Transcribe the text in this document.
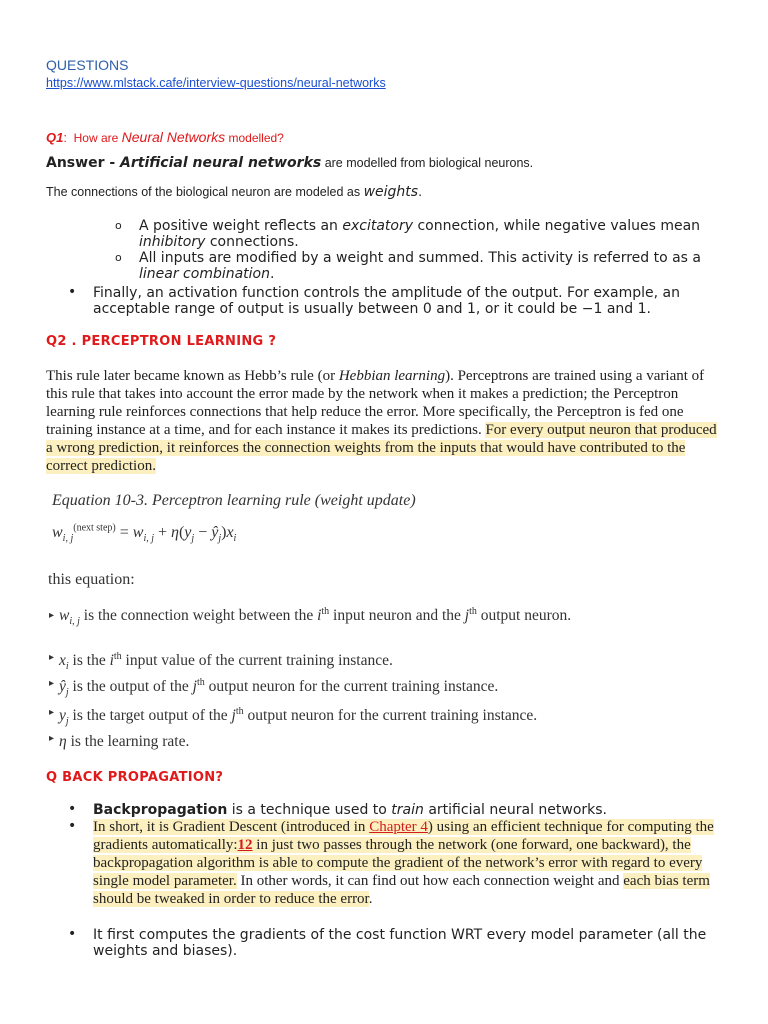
QUESTIONS
https://www.mlstack.cafe/interview-questions/neural-networks
Q1:  How are Neural Networks modelled?
Answer - Artificial neural networks are modelled from biological neurons.
The connections of the biological neuron are modeled as weights.
o A positive weight reflects an excitatory connection, while negative values mean inhibitory connections.
o All inputs are modified by a weight and summed. This activity is referred to as a linear combination.
• Finally, an activation function controls the amplitude of the output. For example, an acceptable range of output is usually between 0 and 1, or it could be −1 and 1.
Q2 . PERCEPTRON LEARNING ?
This rule later became known as Hebb’s rule (or Hebbian learning). Perceptrons are trained using a variant of this rule that takes into account the error made by the network when it makes a prediction; the Perceptron learning rule reinforces connections that help reduce the error. More specifically, the Perceptron is fed one training instance at a time, and for each instance it makes its predictions. For every output neuron that produced a wrong prediction, it reinforces the connection weights from the inputs that would have contributed to the correct prediction.
Equation 10-3. Perceptron learning rule (weight update)
$w_{i, j}^{(next step)} = w_{i, j} + \eta(y_j$ − $ŷ_j)x_i$
this equation:
▸ $w_{i, j}$ is the connection weight between the $i^{th}$ input neuron and the $j^{th}$ output neuron.
▸ $x_i$ is the $i^{th}$ input value of the current training instance.
▸ $ŷ_j$ is the output of the $j^{th}$ output neuron for the current training instance.
▸ $y_j$ is the target output of the $j^{th}$ output neuron for the current training instance.
▸ η is the learning rate.
Q BACK PROPAGATION?
• Backpropagation is a technique used to train artificial neural networks.
• In short, it is Gradient Descent (introduced in Chapter 4) using an efficient technique for computing the gradients automatically:12 in just two passes through the network (one forward, one backward), the backpropagation algorithm is able to compute the gradient of the network’s error with regard to every single model parameter. In other words, it can find out how each connection weight and each bias term should be tweaked in order to reduce the error.
• It first computes the gradients of the cost function WRT every model parameter (all the weights and biases).
